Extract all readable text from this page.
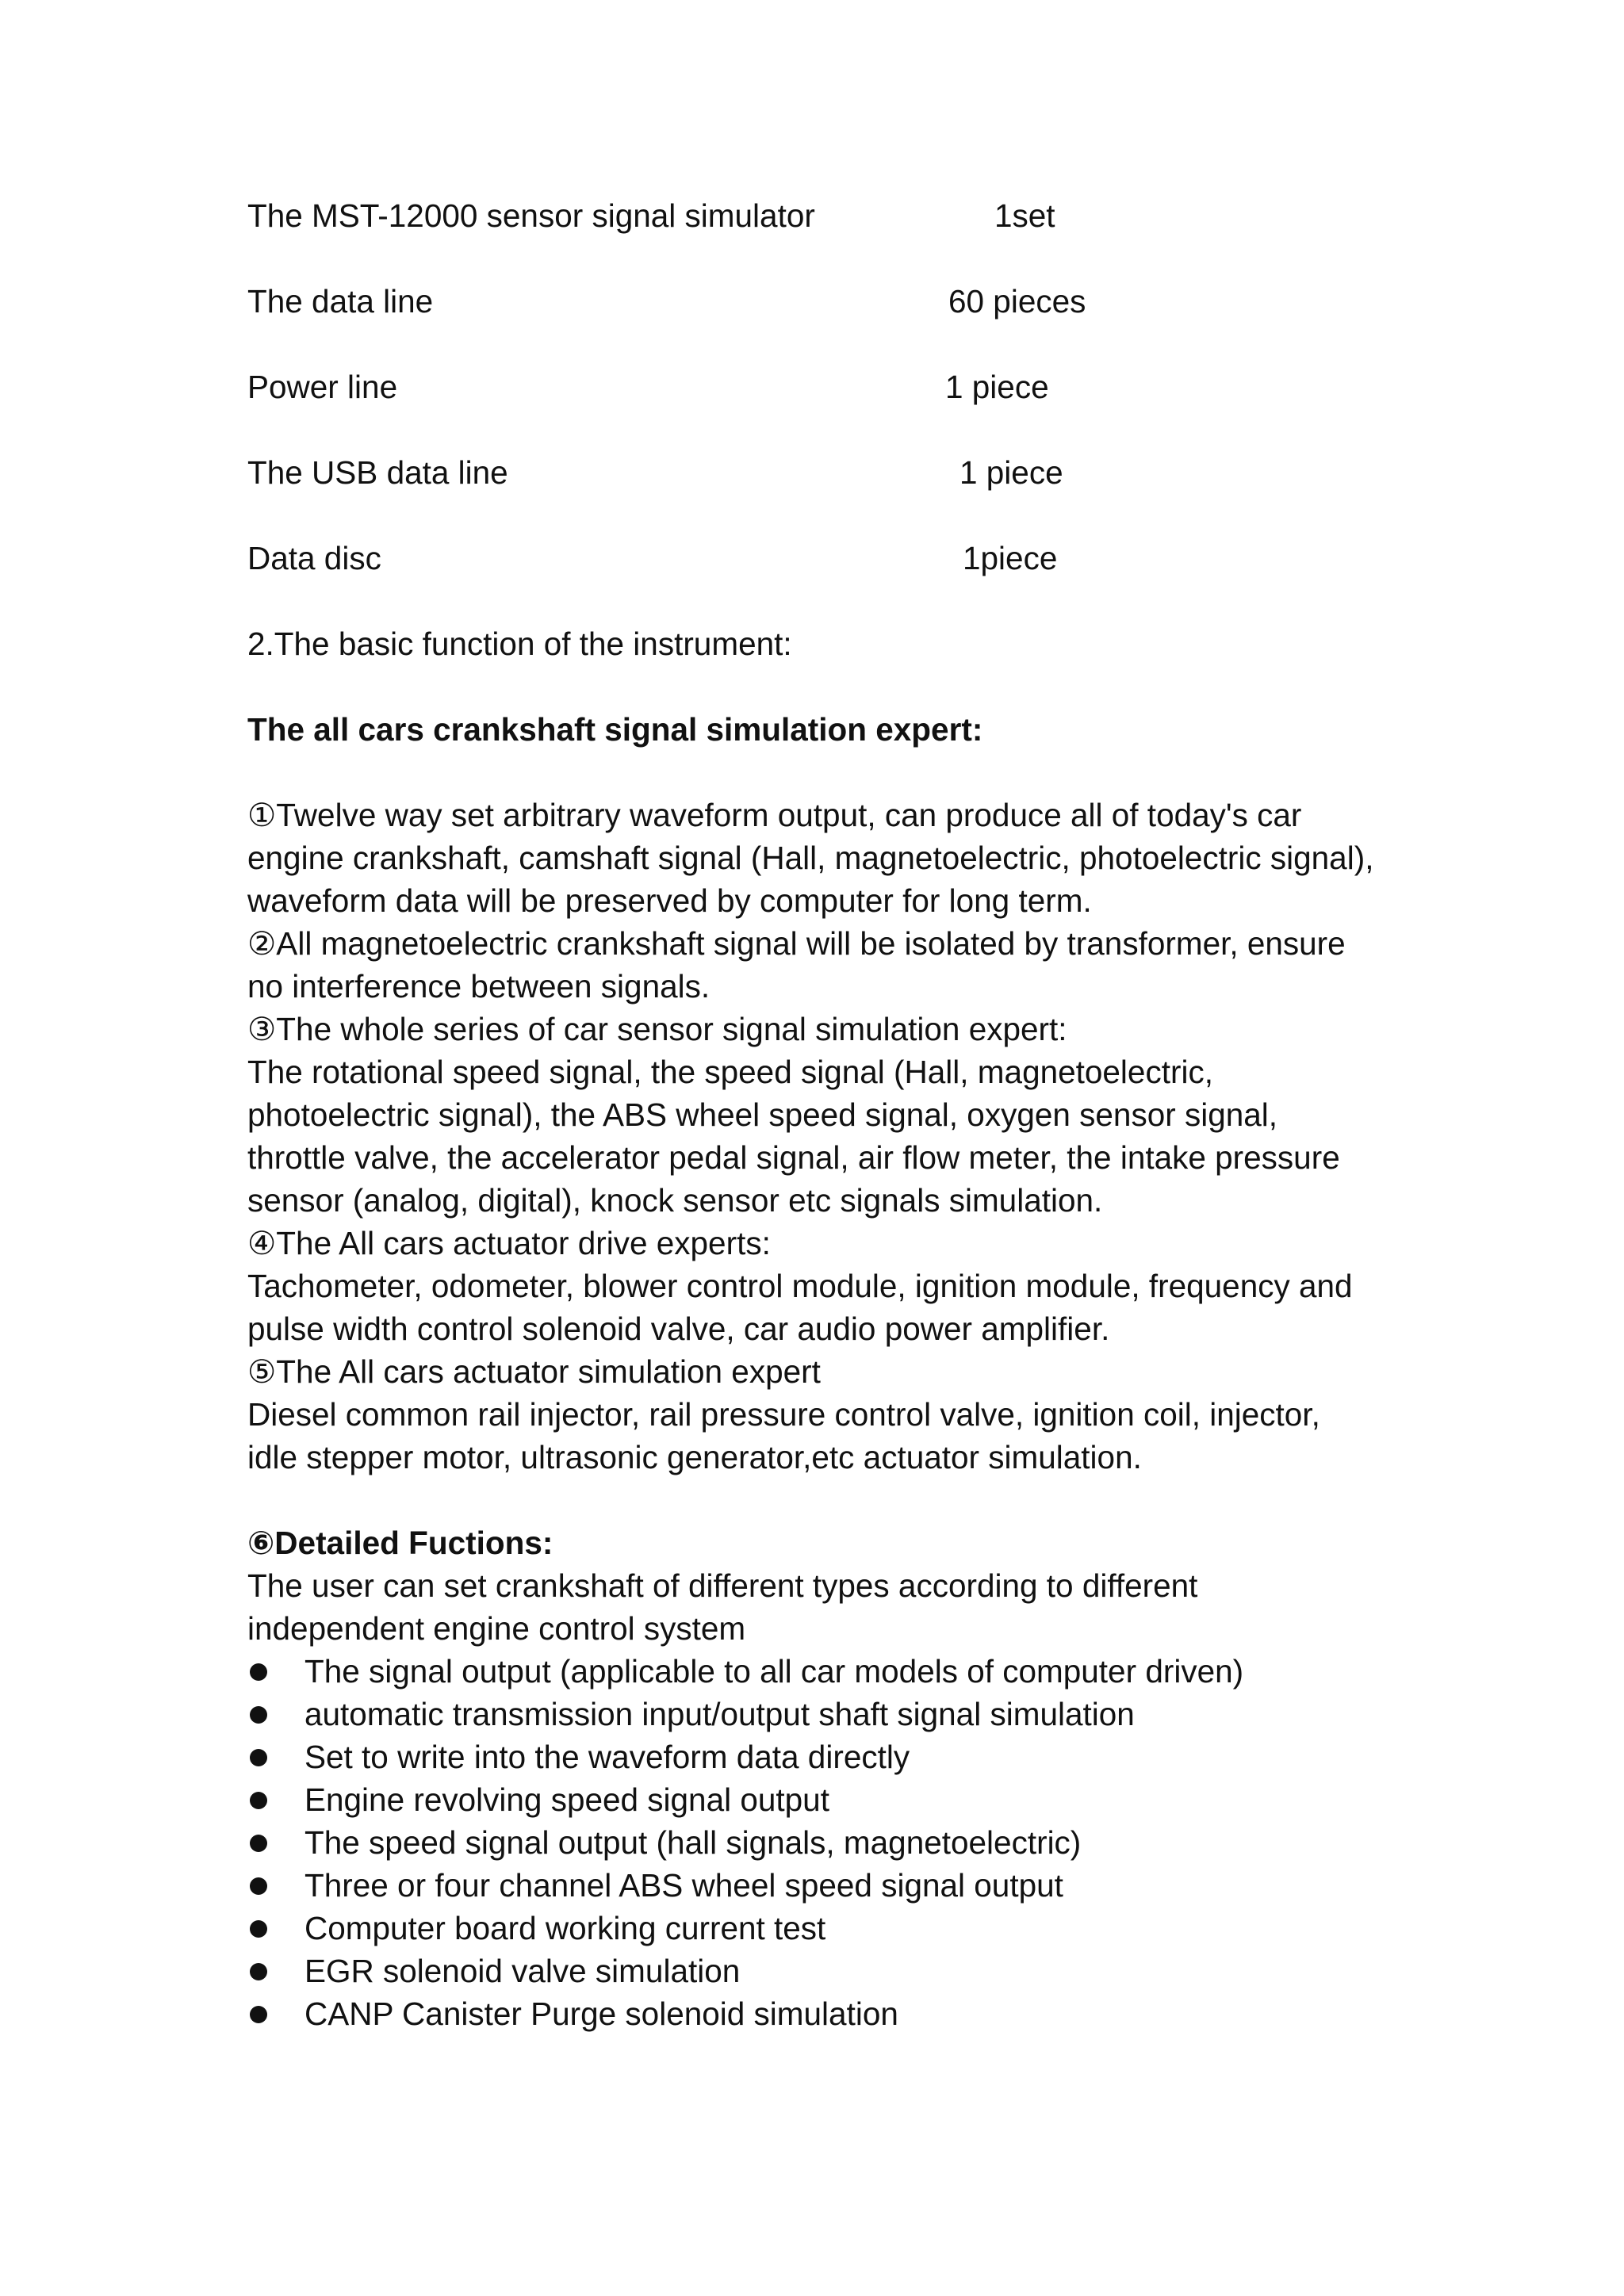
The MST-12000 sensor signal simulator	1set
The data line	60 pieces
Power line	1 piece
The USB data line	1 piece
Data disc	1piece
2.The basic function of the instrument:
The all cars crankshaft signal simulation expert:

①Twelve way set arbitrary waveform output, can produce all of today's car
engine crankshaft, camshaft signal (Hall, magnetoelectric, photoelectric signal),
waveform data will be preserved by computer for long term.

②All magnetoelectric crankshaft signal will be isolated by transformer, ensure
no interference between signals.

③The whole series of car sensor signal simulation expert:

The rotational speed signal, the speed signal (Hall, magnetoelectric,
photoelectric signal), the ABS wheel speed signal, oxygen sensor signal,
throttle valve, the accelerator pedal signal, air flow meter, the intake pressure
sensor (analog, digital), knock sensor etc signals simulation.

④The All cars actuator drive experts:

Tachometer, odometer, blower control module, ignition module, frequency and
pulse width control solenoid valve, car audio power amplifier.

⑤The All cars actuator simulation expert

Diesel common rail injector, rail pressure control valve, ignition coil, injector,
idle stepper motor, ultrasonic generator,etc actuator simulation.

⑥Detailed Fuctions:

The user can set crankshaft of different types according to different
independent engine control system

The signal output (applicable to all car models of computer driven)
automatic transmission input/output shaft signal simulation
Set to write into the waveform data directly
Engine revolving speed signal output
The speed signal output (hall signals, magnetoelectric)
Three or four channel ABS wheel speed signal output
Computer board working current test
EGR solenoid valve simulation
CANP Canister Purge solenoid simulation
